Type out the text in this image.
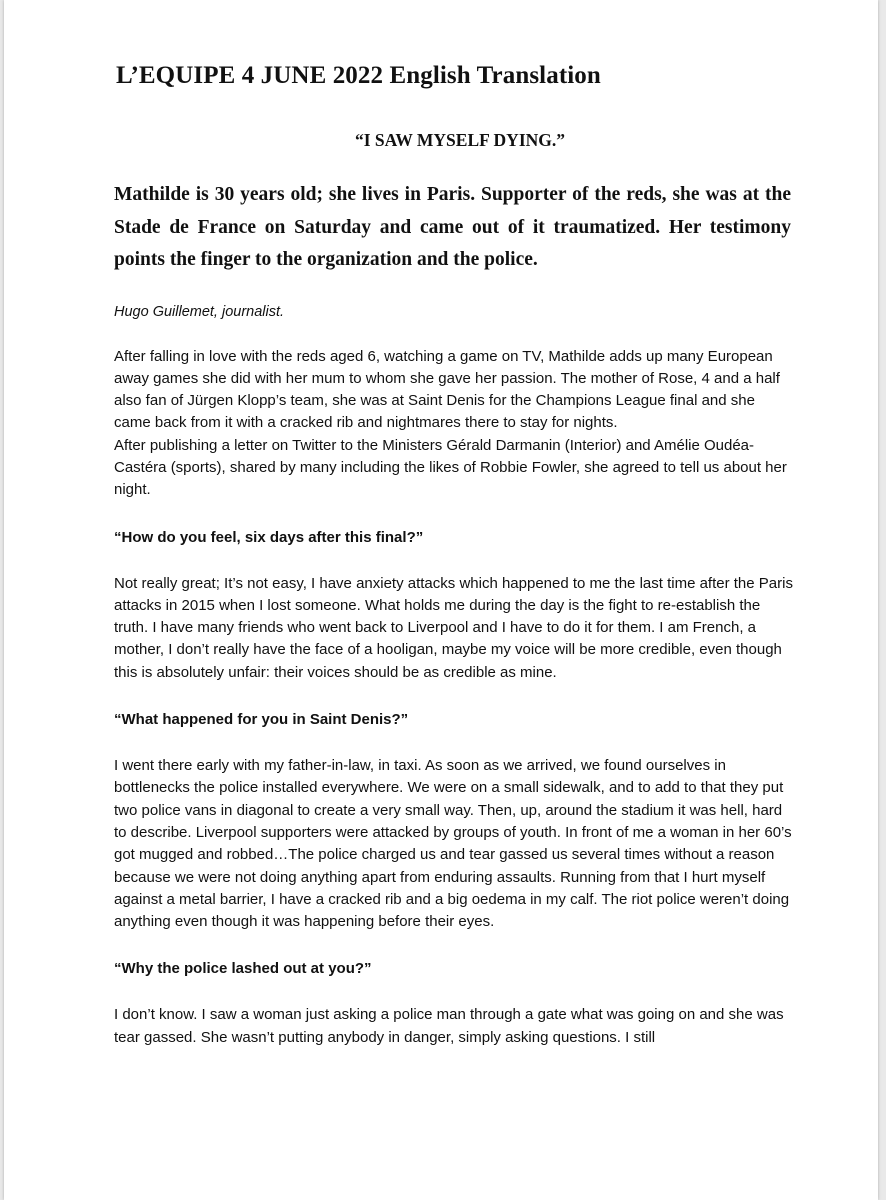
L’EQUIPE 4 JUNE 2022 English Translation
“I SAW MYSELF DYING.”
Mathilde is 30 years old; she lives in Paris. Supporter of the reds, she was at the Stade de France on Saturday and came out of it traumatized. Her testimony points the finger to the organization and the police.
Hugo Guillemet, journalist.
After falling in love with the reds aged 6, watching a game on TV, Mathilde adds up many European away games she did with her mum to whom she gave her passion. The mother of Rose, 4 and a half also fan of Jürgen Klopp’s team, she was at Saint Denis for the Champions League final and she came back from it with a cracked rib and nightmares there to stay for nights.
After publishing a letter on Twitter to the Ministers Gérald Darmanin (Interior) and Amélie Oudéa- Castéra (sports), shared by many including the likes of Robbie Fowler, she agreed to tell us about her night.
“How do you feel, six days after this final?”
Not really great; It’s not easy, I have anxiety attacks which happened to me the last time after the Paris attacks in 2015 when I lost someone. What holds me during the day is the fight to re-establish the truth. I have many friends who went back to Liverpool and I have to do it for them. I am French, a mother, I don’t really have the face of a hooligan, maybe my voice will be more credible, even though this is absolutely unfair: their voices should be as credible as mine.
“What happened for you in Saint Denis?”
I went there early with my father-in-law, in taxi. As soon as we arrived, we found ourselves in bottlenecks the police installed everywhere. We were on a small sidewalk, and to add to that they put two police vans in diagonal to create a very small way. Then, up, around the stadium it was hell, hard to describe. Liverpool supporters were attacked by groups of youth. In front of me a woman in her 60’s got mugged and robbed…The police charged us and tear gassed us several times without a reason because we were not doing anything apart from enduring assaults. Running from that I hurt myself against a metal barrier, I have a cracked rib and a big oedema in my calf. The riot police weren’t doing anything even though it was happening before their eyes.
“Why the police lashed out at you?”
I don’t know. I saw a woman just asking a police man through a gate what was going on and she was tear gassed. She wasn’t putting anybody in danger, simply asking questions. I still
